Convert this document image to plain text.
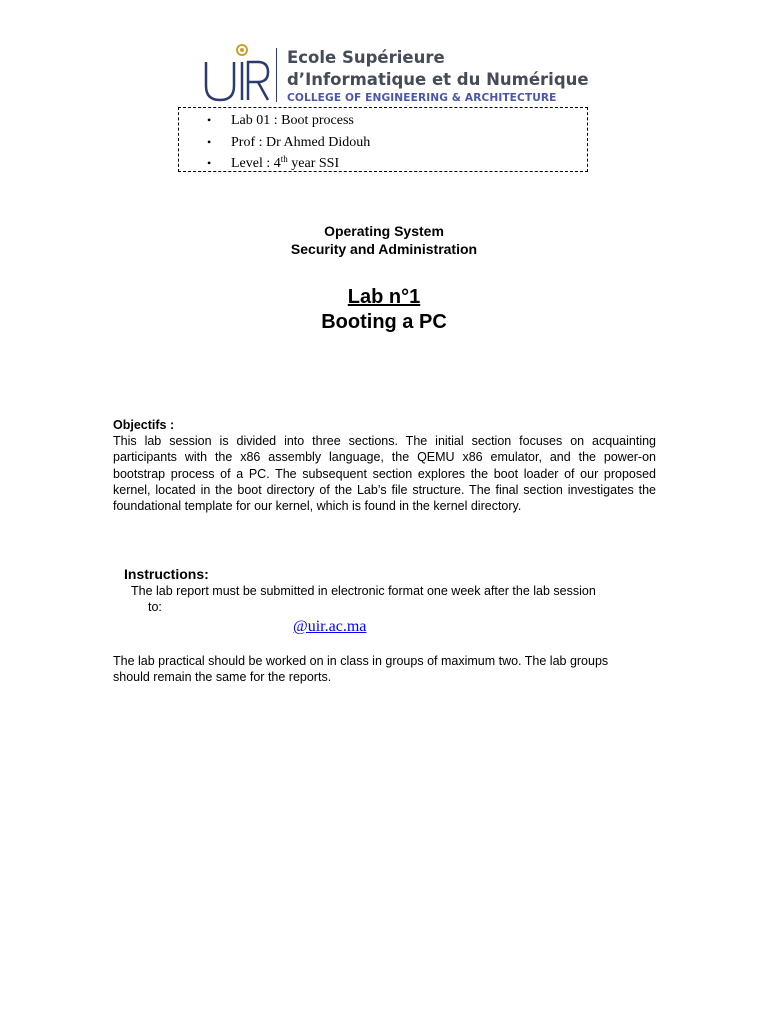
Ecole Supérieure
d’Informatique et du Numérique
COLLEGE OF ENGINEERING & ARCHITECTURE
• Lab 01 : Boot process
• Prof : Dr Ahmed Didouh
• Level : 4th year SSI
Operating System
Security and Administration
Lab n°1
Booting a PC
Objectifs :
This lab session is divided into three sections. The initial section focuses on acquainting participants with the x86 assembly language, the QEMU x86 emulator, and the power-on bootstrap process of a PC. The subsequent section explores the boot loader of our proposed kernel, located in the boot directory of the Lab’s file structure. The final section investigates the foundational template for our kernel, which is found in the kernel directory.
Instructions:
The lab report must be submitted in electronic format one week after the lab session
to:
@uir.ac.ma
The lab practical should be worked on in class in groups of maximum two. The lab groups should remain the same for the reports.
